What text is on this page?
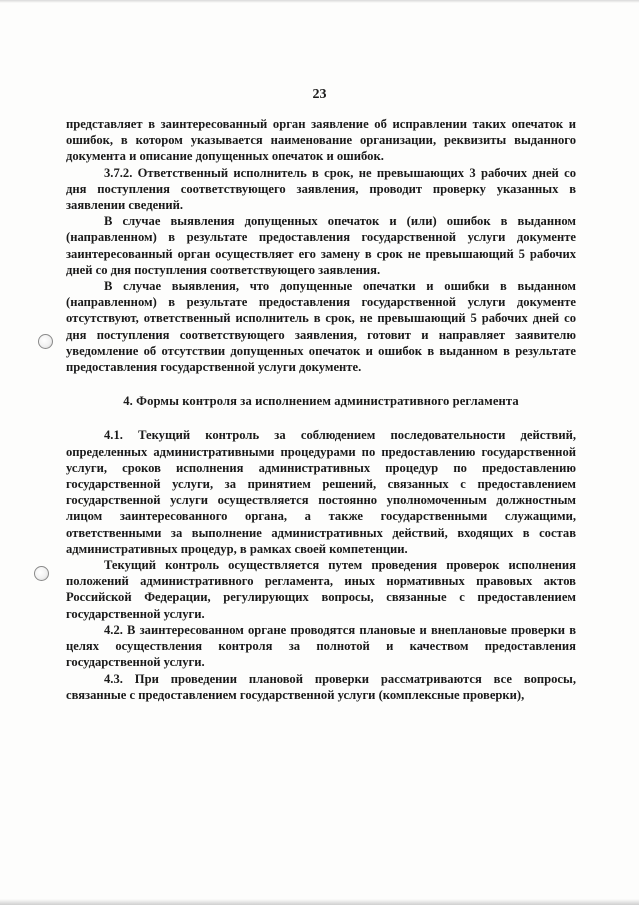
23

представляет в заинтересованный орган заявление об исправлении таких опечаток и ошибок, в котором указывается наименование организации, реквизиты выданного документа и описание допущенных опечаток и ошибок.

3.7.2. Ответственный исполнитель в срок, не превышающих 3 рабочих дней со дня поступления соответствующего заявления, проводит проверку указанных в заявлении сведений.

В случае выявления допущенных опечаток и (или) ошибок в выданном (направленном) в результате предоставления государственной услуги документе заинтересованный орган осуществляет его замену в срок не превышающий 5 рабочих дней со дня поступления соответствующего заявления.

В случае выявления, что допущенные опечатки и ошибки в выданном (направленном) в результате предоставления государственной услуги документе отсутствуют, ответственный исполнитель в срок, не превышающий 5 рабочих дней со дня поступления соответствующего заявления, готовит и направляет заявителю уведомление об отсутствии допущенных опечаток и ошибок в выданном в результате предоставления государственной услуги документе.

4. Формы контроля за исполнением административного регламента

4.1. Текущий контроль за соблюдением последовательности действий, определенных административными процедурами по предоставлению государственной услуги, сроков исполнения административных процедур по предоставлению государственной услуги, за принятием решений, связанных с предоставлением государственной услуги осуществляется постоянно уполномоченным должностным лицом заинтересованного органа, а также государственными служащими, ответственными за выполнение административных действий, входящих в состав административных процедур, в рамках своей компетенции.

Текущий контроль осуществляется путем проведения проверок исполнения положений административного регламента, иных нормативных правовых актов Российской Федерации, регулирующих вопросы, связанные с предоставлением государственной услуги.

4.2. В заинтересованном органе проводятся плановые и внеплановые проверки в целях осуществления контроля за полнотой и качеством предоставления государственной услуги.

4.3. При проведении плановой проверки рассматриваются все вопросы, связанные с предоставлением государственной услуги (комплексные проверки),
